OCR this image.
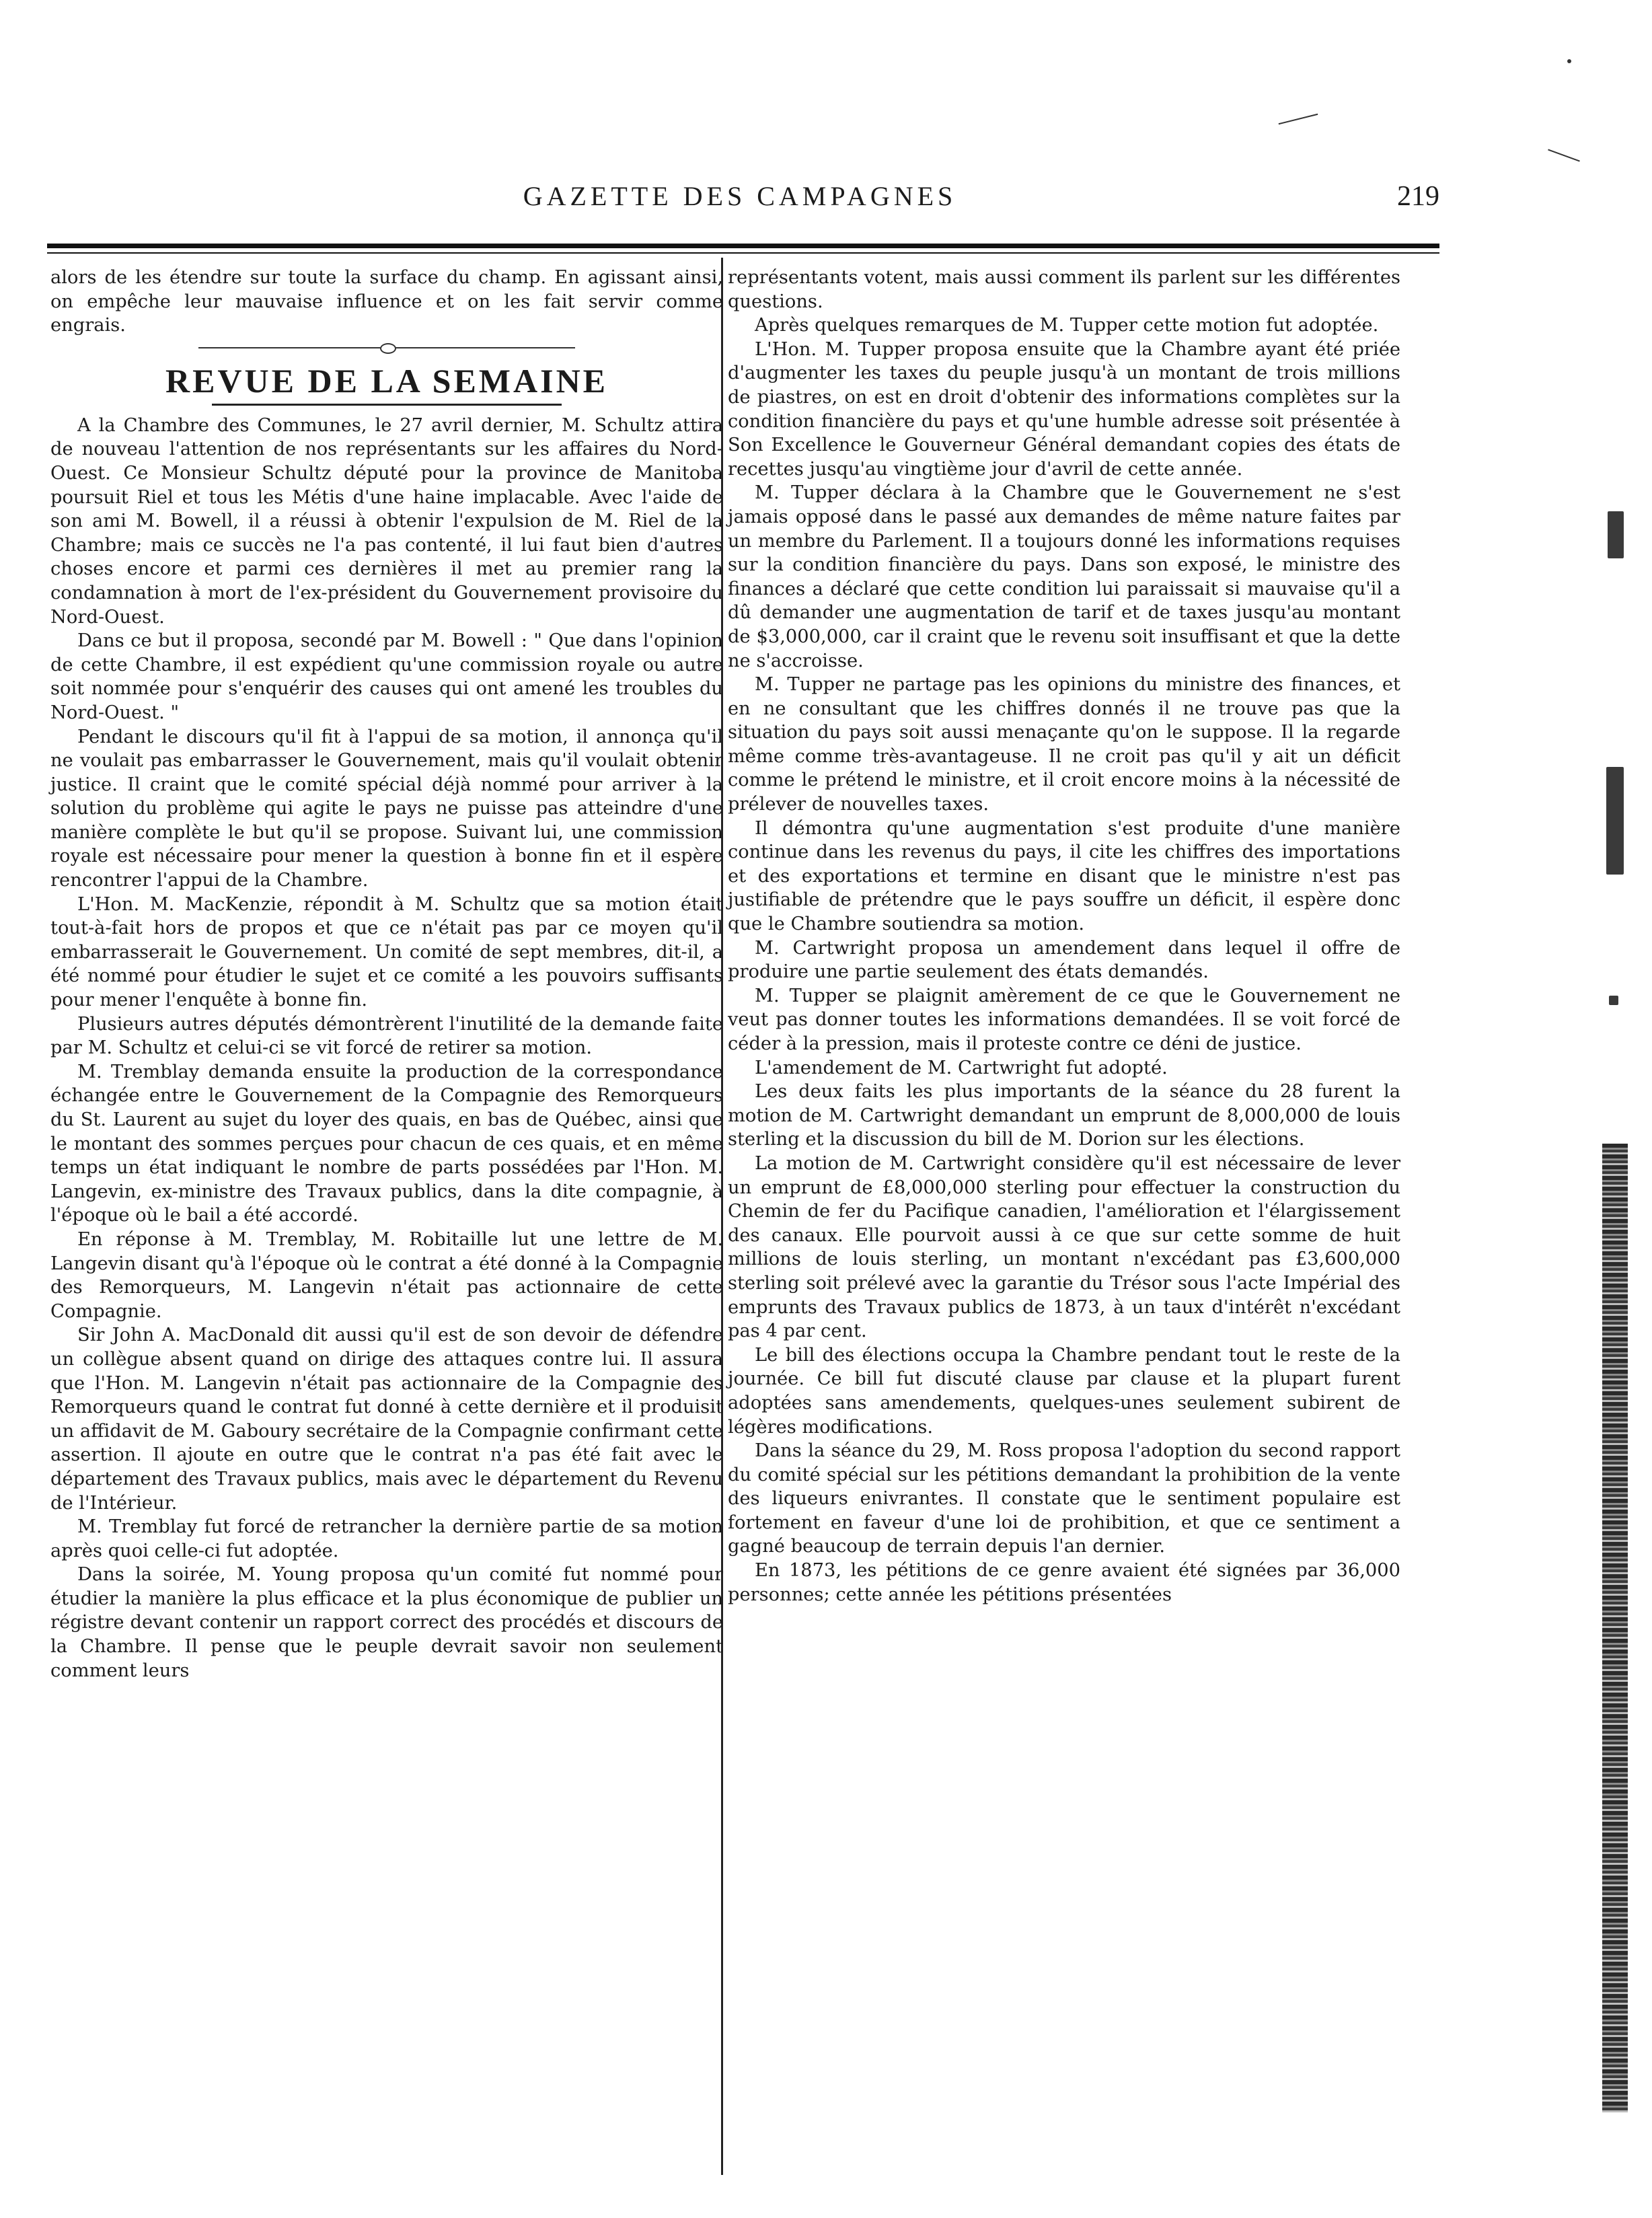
GAZETTE DES CAMPAGNES	219

alors de les étendre sur toute la surface du champ. En agissant ainsi, on empêche leur mauvaise influence et on les fait servir comme engrais.

REVUE DE LA SEMAINE

A la Chambre des Communes, le 27 avril dernier, M. Schultz attira de nouveau l'attention de nos représentants sur les affaires du Nord-Ouest. Ce Monsieur Schultz député pour la province de Manitoba poursuit Riel et tous les Métis d'une haine implacable. Avec l'aide de son ami M. Bowell, il a réussi à obtenir l'expulsion de M. Riel de la Chambre; mais ce succès ne l'a pas contenté, il lui faut bien d'autres choses encore et parmi ces dernières il met au premier rang la condamnation à mort de l'ex-président du Gouvernement provisoire du Nord-Ouest.

Dans ce but il proposa, secondé par M. Bowell : " Que dans l'opinion de cette Chambre, il est expédient qu'une commission royale ou autre soit nommée pour s'enquérir des causes qui ont amené les troubles du Nord-Ouest. "

Pendant le discours qu'il fit à l'appui de sa motion, il annonça qu'il ne voulait pas embarrasser le Gouvernement, mais qu'il voulait obtenir justice. Il craint que le comité spécial déjà nommé pour arriver à la solution du problème qui agite le pays ne puisse pas atteindre d'une manière complète le but qu'il se propose. Suivant lui, une commission royale est nécessaire pour mener la question à bonne fin et il espère rencontrer l'appui de la Chambre.

L'Hon. M. MacKenzie, répondit à M. Schultz que sa motion était tout-à-fait hors de propos et que ce n'était pas par ce moyen qu'il embarrasserait le Gouvernement. Un comité de sept membres, dit-il, a été nommé pour étudier le sujet et ce comité a les pouvoirs suffisants pour mener l'enquête à bonne fin.

Plusieurs autres députés démontrèrent l'inutilité de la demande faite par M. Schultz et celui-ci se vit forcé de retirer sa motion.

M. Tremblay demanda ensuite la production de la correspondance échangée entre le Gouvernement de la Compagnie des Remorqueurs du St. Laurent au sujet du loyer des quais, en bas de Québec, ainsi que le montant des sommes perçues pour chacun de ces quais, et en même temps un état indiquant le nombre de parts possédées par l'Hon. M. Langevin, ex-ministre des Travaux publics, dans la dite compagnie, à l'époque où le bail a été accordé.

En réponse à M. Tremblay, M. Robitaille lut une lettre de M. Langevin disant qu'à l'époque où le contrat a été donné à la Compagnie des Remorqueurs, M. Langevin n'était pas actionnaire de cette Compagnie.

Sir John A. MacDonald dit aussi qu'il est de son devoir de défendre un collègue absent quand on dirige des attaques contre lui. Il assura que l'Hon. M. Langevin n'était pas actionnaire de la Compagnie des Remorqueurs quand le contrat fut donné à cette dernière et il produisit un affidavit de M. Gaboury secrétaire de la Compagnie confirmant cette assertion. Il ajoute en outre que le contrat n'a pas été fait avec le département des Travaux publics, mais avec le département du Revenu de l'Intérieur.

M. Tremblay fut forcé de retrancher la dernière partie de sa motion après quoi celle-ci fut adoptée.

Dans la soirée, M. Young proposa qu'un comité fut nommé pour étudier la manière la plus efficace et la plus économique de publier un régistre devant contenir un rapport correct des procédés et discours de la Chambre. Il pense que le peuple devrait savoir non seulement comment leurs

représentants votent, mais aussi comment ils parlent sur les différentes questions.

Après quelques remarques de M. Tupper cette motion fut adoptée.

L'Hon. M. Tupper proposa ensuite que la Chambre ayant été priée d'augmenter les taxes du peuple jusqu'à un montant de trois millions de piastres, on est en droit d'obtenir des informations complètes sur la condition financière du pays et qu'une humble adresse soit présentée à Son Excellence le Gouverneur Général demandant copies des états de recettes jusqu'au vingtième jour d'avril de cette année.

M. Tupper déclara à la Chambre que le Gouvernement ne s'est jamais opposé dans le passé aux demandes de même nature faites par un membre du Parlement. Il a toujours donné les informations requises sur la condition financière du pays. Dans son exposé, le ministre des finances a déclaré que cette condition lui paraissait si mauvaise qu'il a dû demander une augmentation de tarif et de taxes jusqu'au montant de $3,000,000, car il craint que le revenu soit insuffisant et que la dette ne s'accroisse.

M. Tupper ne partage pas les opinions du ministre des finances, et en ne consultant que les chiffres donnés il ne trouve pas que la situation du pays soit aussi menaçante qu'on le suppose. Il la regarde même comme très-avantageuse. Il ne croit pas qu'il y ait un déficit comme le prétend le ministre, et il croit encore moins à la nécessité de prélever de nouvelles taxes.

Il démontra qu'une augmentation s'est produite d'une manière continue dans les revenus du pays, il cite les chiffres des importations et des exportations et termine en disant que le ministre n'est pas justifiable de prétendre que le pays souffre un déficit, il espère donc que le Chambre soutiendra sa motion.

M. Cartwright proposa un amendement dans lequel il offre de produire une partie seulement des états demandés.

M. Tupper se plaignit amèrement de ce que le Gouvernement ne veut pas donner toutes les informations demandées. Il se voit forcé de céder à la pression, mais il proteste contre ce déni de justice.

L'amendement de M. Cartwright fut adopté.

Les deux faits les plus importants de la séance du 28 furent la motion de M. Cartwright demandant un emprunt de 8,000,000 de louis sterling et la discussion du bill de M. Dorion sur les élections.

La motion de M. Cartwright considère qu'il est nécessaire de lever un emprunt de £8,000,000 sterling pour effectuer la construction du Chemin de fer du Pacifique canadien, l'amélioration et l'élargissement des canaux. Elle pourvoit aussi à ce que sur cette somme de huit millions de louis sterling, un montant n'excédant pas £3,600,000 sterling soit prélevé avec la garantie du Trésor sous l'acte Impérial des emprunts des Travaux publics de 1873, à un taux d'intérêt n'excédant pas 4 par cent.

Le bill des élections occupa la Chambre pendant tout le reste de la journée. Ce bill fut discuté clause par clause et la plupart furent adoptées sans amendements, quelques-unes seulement subirent de légères modifications.

Dans la séance du 29, M. Ross proposa l'adoption du second rapport du comité spécial sur les pétitions demandant la prohibition de la vente des liqueurs enivrantes. Il constate que le sentiment populaire est fortement en faveur d'une loi de prohibition, et que ce sentiment a gagné beaucoup de terrain depuis l'an dernier.

En 1873, les pétitions de ce genre avaient été signées par 36,000 personnes; cette année les pétitions présentées
